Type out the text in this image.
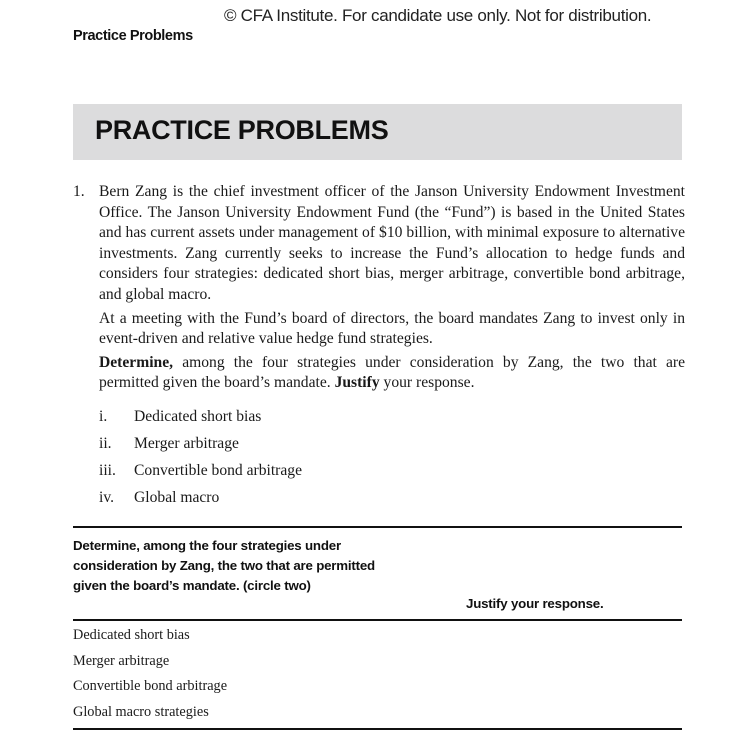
© CFA Institute. For candidate use only. Not for distribution.
Practice Problems
PRACTICE PROBLEMS
1. Bern Zang is the chief investment officer of the Janson University Endowment Investment Office. The Janson University Endowment Fund (the “Fund”) is based in the United States and has current assets under management of $10 billion, with minimal exposure to alternative investments. Zang currently seeks to increase the Fund’s allocation to hedge funds and considers four strategies: dedicated short bias, merger arbitrage, convertible bond arbitrage, and global macro.

At a meeting with the Fund’s board of directors, the board mandates Zang to invest only in event-driven and relative value hedge fund strategies.

Determine, among the four strategies under consideration by Zang, the two that are permitted given the board’s mandate. Justify your response.

i.	Dedicated short bias
ii.	Merger arbitrage
iii.	Convertible bond arbitrage
iv.	Global macro
Determine, among the four strategies under consideration by Zang, the two that are permitted given the board’s mandate. (circle two)
Justify your response.
Dedicated short bias
Merger arbitrage
Convertible bond arbitrage
Global macro strategies
